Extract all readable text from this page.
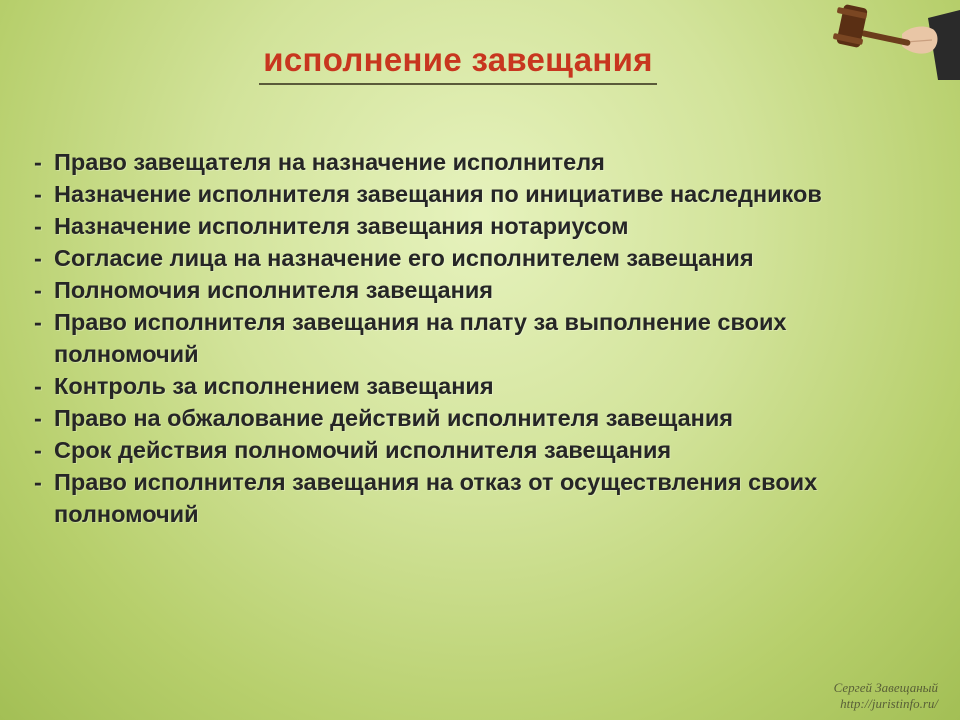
исполнение завещания
- Право завещателя на назначение исполнителя
- Назначение исполнителя завещания по инициативе наследников
- Назначение исполнителя завещания нотариусом
- Согласие лица на назначение его исполнителем завещания
- Полномочия исполнителя завещания
- Право исполнителя завещания на плату за выполнение своих полномочий
- Контроль за исполнением завещания
- Право на обжалование действий исполнителя завещания
- Срок действия полномочий исполнителя завещания
- Право исполнителя завещания на отказ от осуществления своих полномочий
Сергей Завещаный
http://juristinfo.ru/
